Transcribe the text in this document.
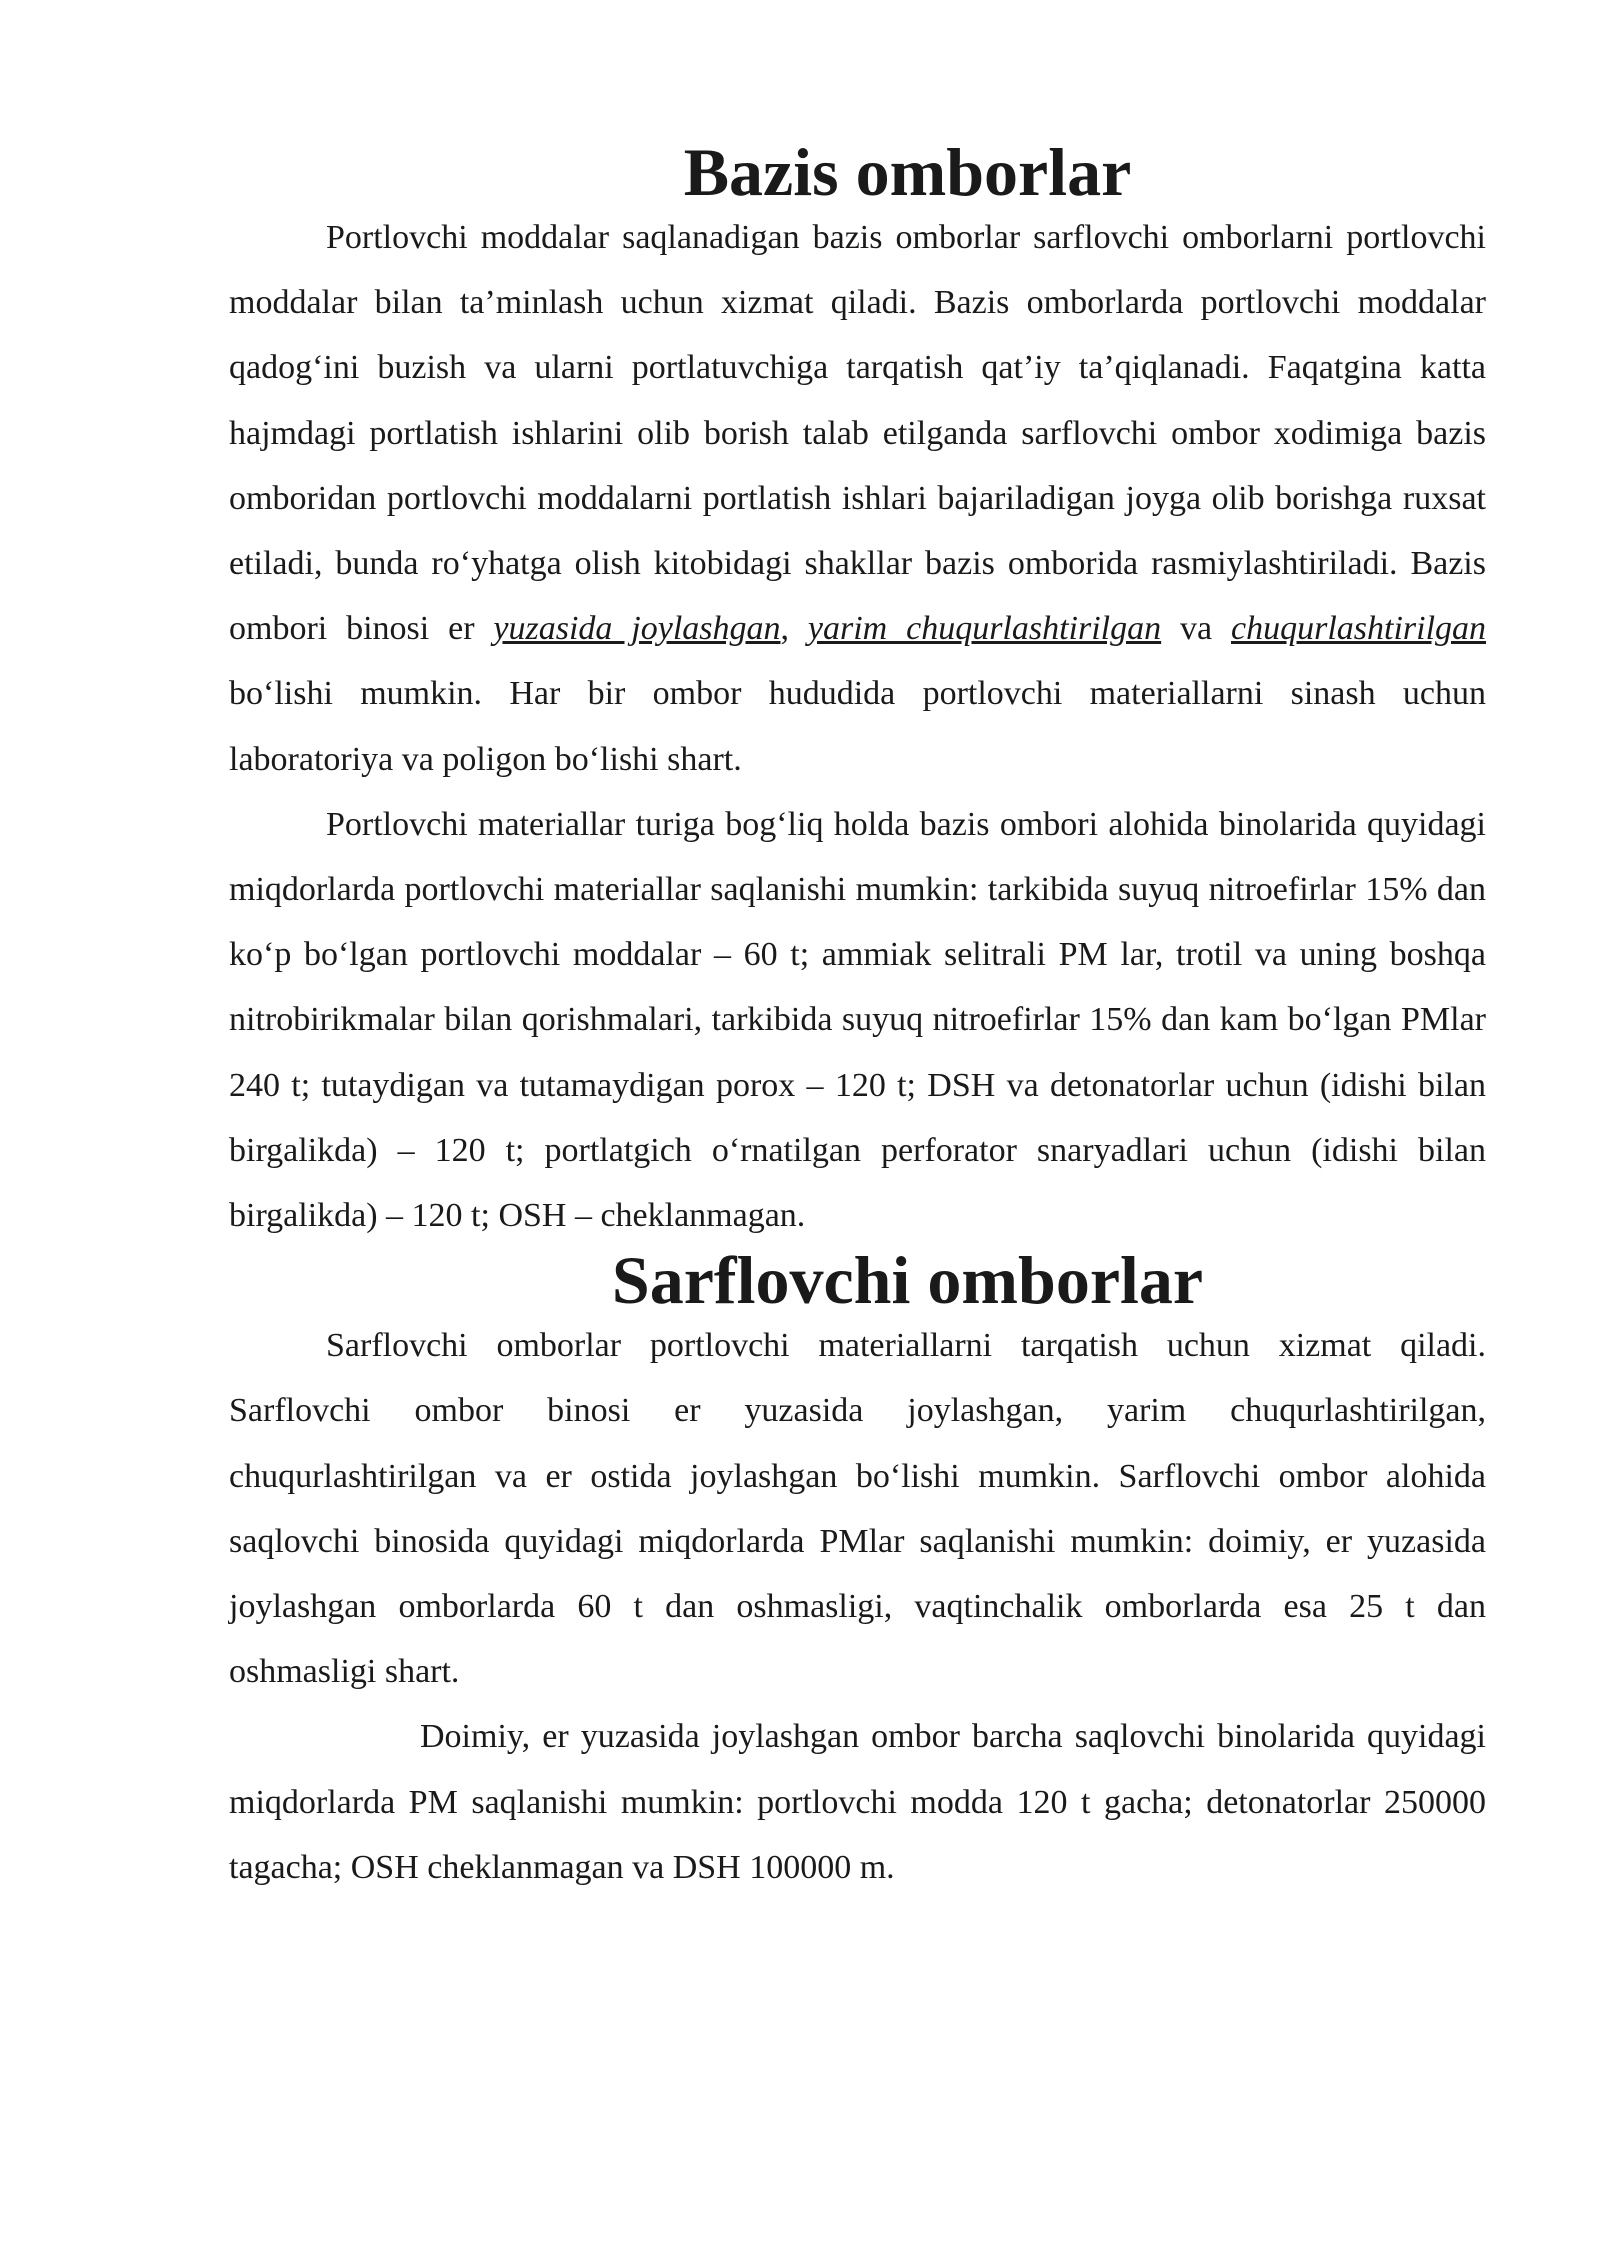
Bazis omborlar

Portlovchi moddalar saqlanadigan bazis omborlar sarflovchi omborlarni portlovchi moddalar bilan ta’minlash uchun xizmat qiladi. Bazis omborlarda portlovchi moddalar qadog‘ini buzish va ularni portlatuvchiga tarqatish qat’iy ta’qiqlanadi. Faqatgina katta hajmdagi portlatish ishlarini olib borish talab etilganda sarflovchi ombor xodimiga bazis omboridan portlovchi moddalarni portlatish ishlari bajariladigan joyga olib borishga ruxsat etiladi, bunda ro‘yhatga olish kitobidagi shakllar bazis omborida rasmiylashtiriladi. Bazis ombori binosi er yuzasida joylashgan, yarim chuqurlashtirilgan va chuqurlashtirilgan bo‘lishi mumkin. Har bir ombor hududida portlovchi materiallarni sinash uchun laboratoriya va poligon bo‘lishi shart.

Portlovchi materiallar turiga bog‘liq holda bazis ombori alohida binolarida quyidagi miqdorlarda portlovchi materiallar saqlanishi mumkin: tarkibida suyuq nitroefirlar 15% dan ko‘p bo‘lgan portlovchi moddalar – 60 t; ammiak selitrali PM lar, trotil va uning boshqa nitrobirikmalar bilan qorishmalari, tarkibida suyuq nitroefirlar 15% dan kam bo‘lgan PMlar 240 t; tutaydigan va tutamaydigan porox – 120 t; DSH va detonatorlar uchun (idishi bilan birgalikda) – 120 t; portlatgich o‘rnatilgan perforator snaryadlari uchun (idishi bilan birgalikda) – 120 t; OSH – cheklanmagan.

Sarflovchi omborlar

Sarflovchi omborlar portlovchi materiallarni tarqatish uchun xizmat qiladi. Sarflovchi ombor binosi er yuzasida joylashgan, yarim chuqurlashtirilgan, chuqurlashtirilgan va er ostida joylashgan bo‘lishi mumkin. Sarflovchi ombor alohida saqlovchi binosida quyidagi miqdorlarda PMlar saqlanishi mumkin: doimiy, er yuzasida joylashgan omborlarda 60 t dan oshmasligi, vaqtinchalik omborlarda esa 25 t dan oshmasligi shart.

Doimiy, er yuzasida joylashgan ombor barcha saqlovchi binolarida quyidagi miqdorlarda PM saqlanishi mumkin: portlovchi modda 120 t gacha; detonatorlar 250000 tagacha; OSH cheklanmagan va DSH 100000 m.
